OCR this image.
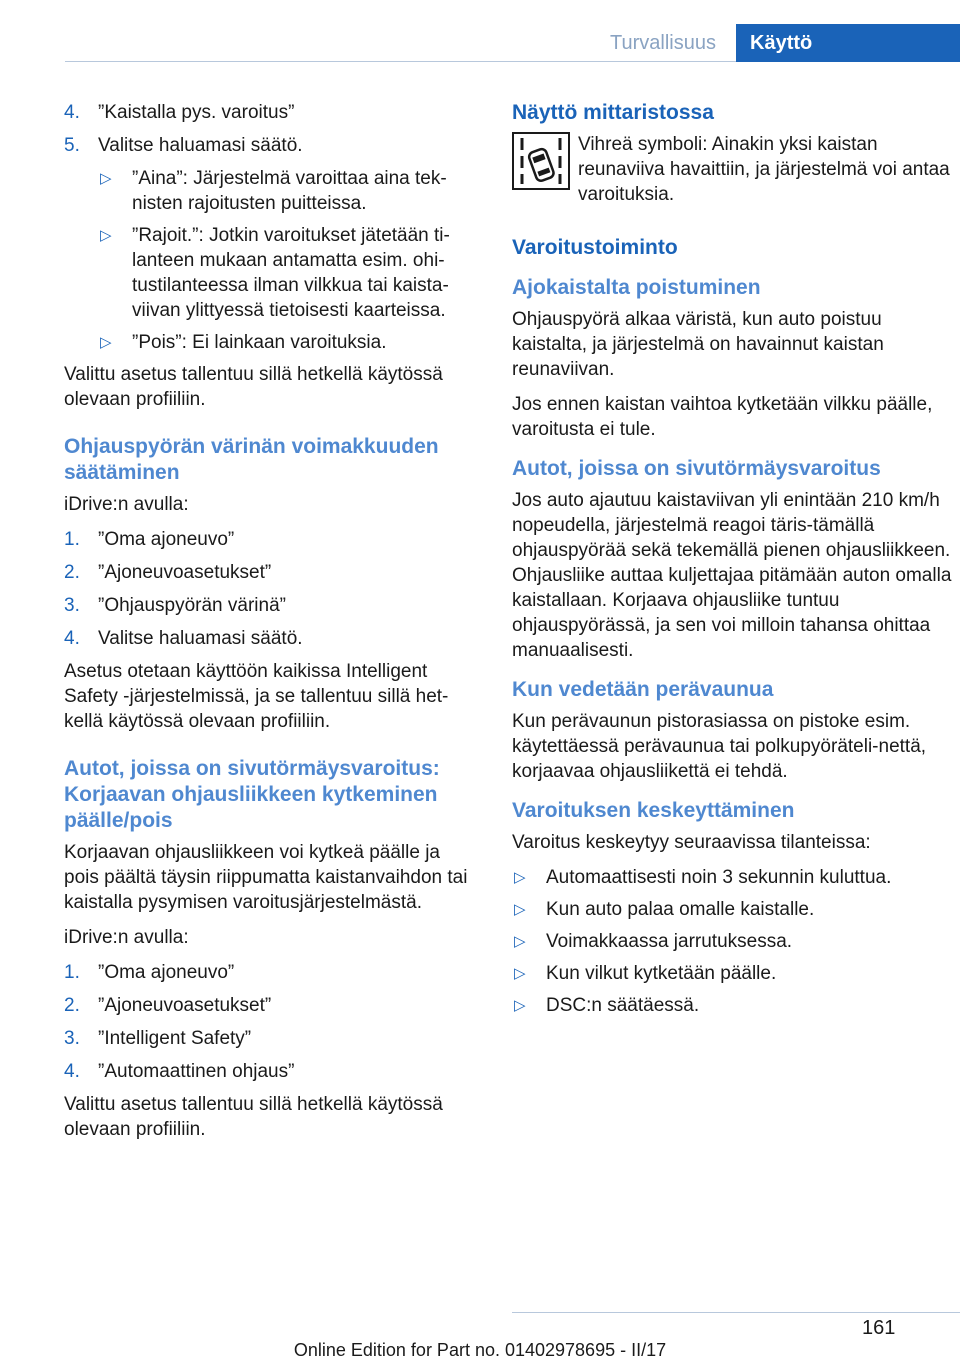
Turvallisuus	Käyttö
4. ”Kaistalla pys. varoitus”
5. Valitse haluamasi säätö.
▷ ”Aina”: Järjestelmä varoittaa aina tek-nisten rajoitusten puitteissa.
▷ ”Rajoit.”: Jotkin varoitukset jätetään ti-lanteen mukaan antamatta esim. ohi-tustilanteessa ilman vilkkua tai kaista-viivan ylittyessä tietoisesti kaarteissa.
▷ ”Pois”: Ei lainkaan varoituksia.

Valittu asetus tallentuu sillä hetkellä käytössä olevaan profiiliin.

Ohjauspyörän värinän voimakkuuden säätäminen

iDrive:n avulla:

1. ”Oma ajoneuvo”
2. ”Ajoneuvoasetukset”
3. ”Ohjauspyörän värinä”
4. Valitse haluamasi säätö.

Asetus otetaan käyttöön kaikissa Intelligent Safety -järjestelmissä, ja se tallentuu sillä het-kellä käytössä olevaan profiiliin.

Autot, joissa on sivutörmäysvaroitus: Korjaavan ohjausliikkeen kytkeminen päälle/pois

Korjaavan ohjausliikkeen voi kytkeä päälle ja pois päältä täysin riippumatta kaistanvaihdon tai kaistalla pysymisen varoitusjärjestelmästä.

iDrive:n avulla:

1. ”Oma ajoneuvo”
2. ”Ajoneuvoasetukset”
3. ”Intelligent Safety”
4. ”Automaattinen ohjaus”

Valittu asetus tallentuu sillä hetkellä käytössä olevaan profiiliin.

Näyttö mittaristossa

Vihreä symboli: Ainakin yksi kaistan reunaviiva havaittiin, ja järjestelmä voi antaa varoituksia.

Varoitustoiminto
Ajokaistalta poistuminen

Ohjauspyörä alkaa väristä, kun auto poistuu kaistalta, ja järjestelmä on havainnut kaistan reunaviivan.

Jos ennen kaistan vaihtoa kytketään vilkku päälle, varoitusta ei tule.

Autot, joissa on sivutörmäysvaroitus

Jos auto ajautuu kaistaviivan yli enintään 210 km/h nopeudella, järjestelmä reagoi täris-tämällä ohjauspyörää sekä tekemällä pienen ohjausliikkeen. Ohjausliike auttaa kuljettajaa pitämään auton omalla kaistallaan. Korjaava ohjausliike tuntuu ohjauspyörässä, ja sen voi milloin tahansa ohittaa manuaalisesti.

Kun vedetään perävaunua

Kun perävaunun pistorasiassa on pistoke esim. käytettäessä perävaunua tai polkupyöräteli-nettä, korjaavaa ohjausliikettä ei tehdä.

Varoituksen keskeyttäminen

Varoitus keskeytyy seuraavissa tilanteissa:

▷ Automaattisesti noin 3 sekunnin kuluttua.
▷ Kun auto palaa omalle kaistalle.
▷ Voimakkaassa jarrutuksessa.
▷ Kun vilkut kytketään päälle.
▷ DSC:n säätäessä.
161
Online Edition for Part no. 01402978695 - II/17
